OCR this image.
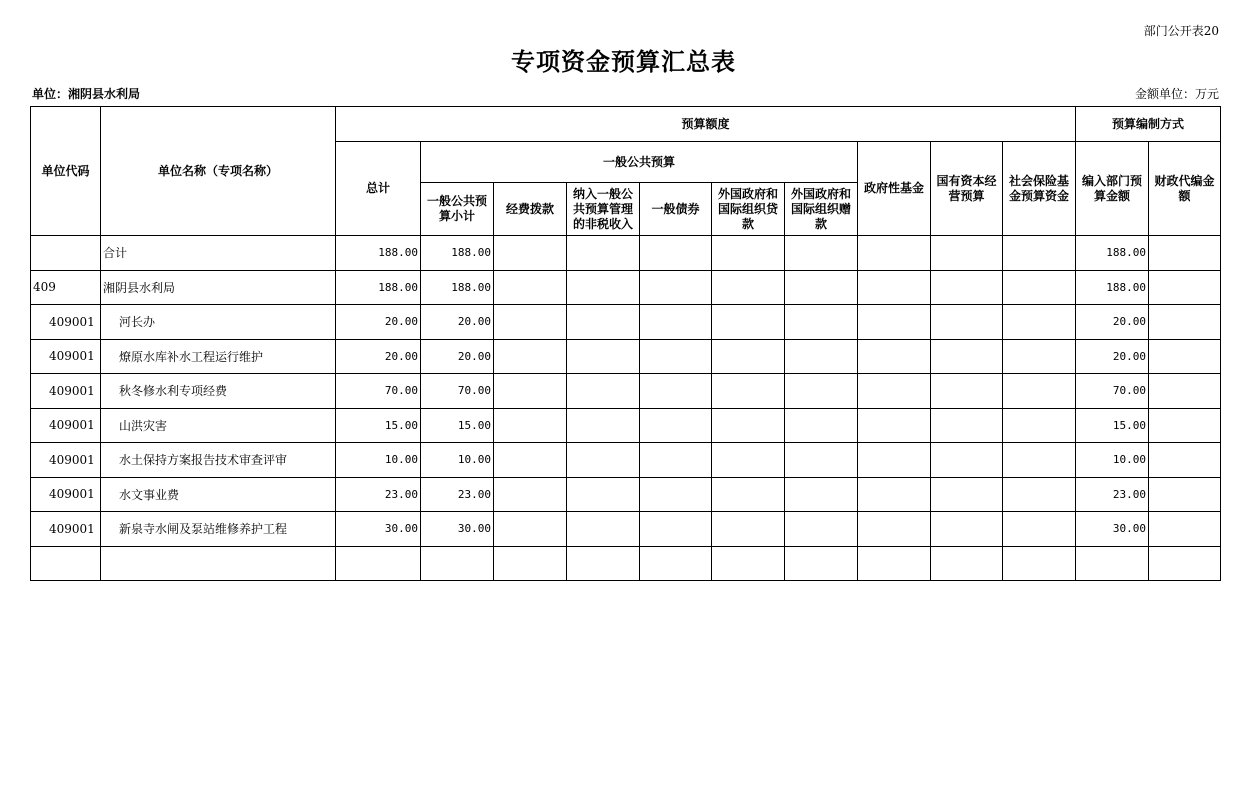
部门公开表20
专项资金预算汇总表
单位：湘阴县水利局	金额单位：万元
单位代码	单位名称（专项名称）	预算额度										预算编制方式	
		总计	一般公共预算						政府性基金	国有资本经营预算	社会保险基金预算资金	编入部门预算金额	财政代编金额
			一般公共预算小计	经费拨款	纳入一般公共预算管理的非税收入	一般债券	外国政府和国际组织贷款	外国政府和国际组织赠款					
	合计	188.00	188.00									188.00	
409	湘阴县水利局	188.00	188.00									188.00	
409001	河长办	20.00	20.00									20.00	
409001	燎原水库补水工程运行维护	20.00	20.00									20.00	
409001	秋冬修水利专项经费	70.00	70.00									70.00	
409001	山洪灾害	15.00	15.00									15.00	
409001	水土保持方案报告技术审查评审	10.00	10.00									10.00	
409001	水文事业费	23.00	23.00									23.00	
409001	新泉寺水闸及泵站维修养护工程	30.00	30.00									30.00	
